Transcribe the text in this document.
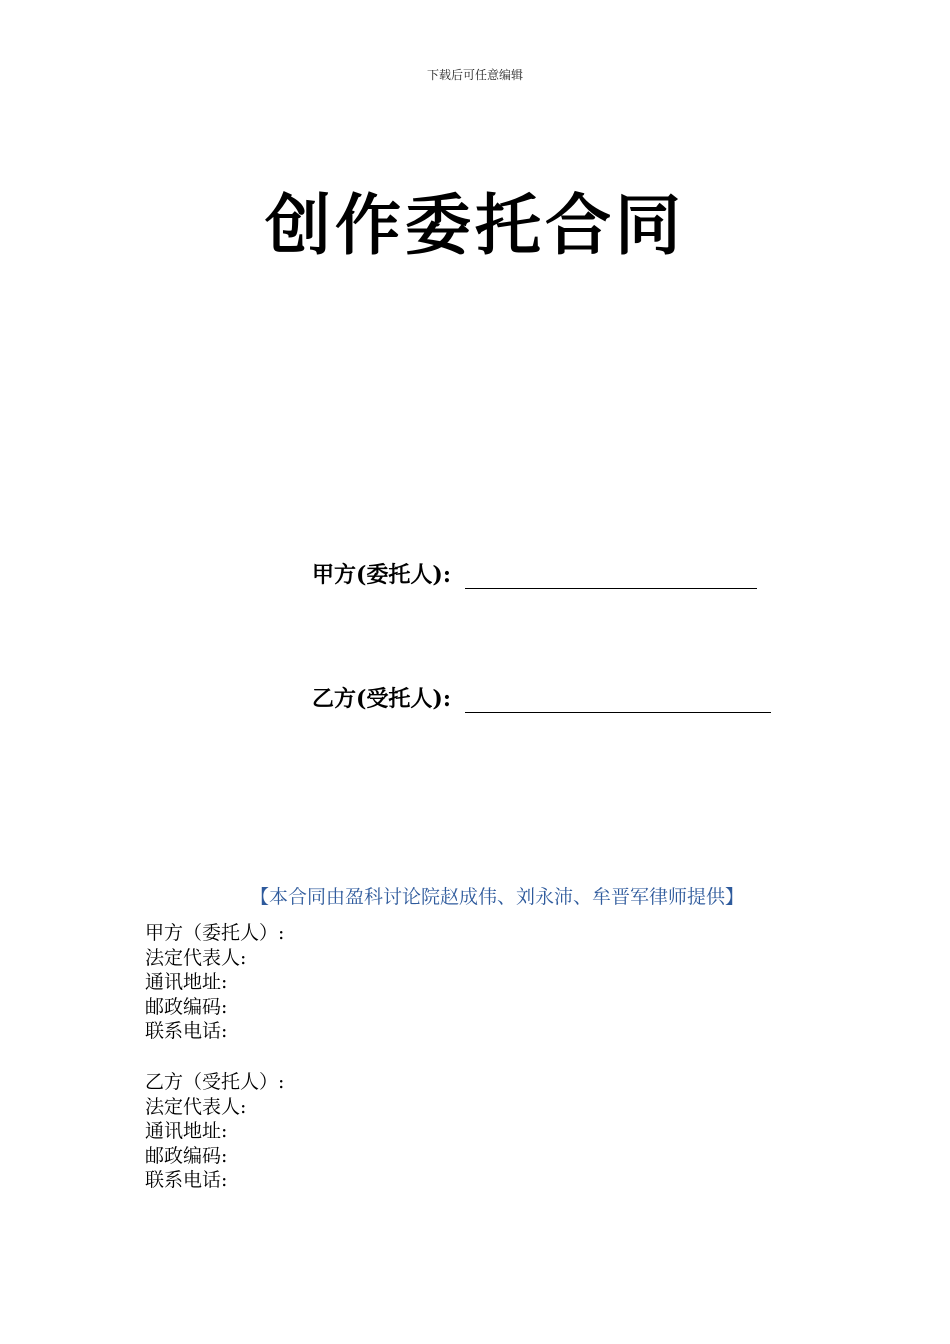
下载后可任意编辑
创作委托合同
甲方(委托人):
乙方(受托人):
【本合同由盈科讨论院赵成伟、刘永沛、牟晋军律师提供】
甲方（委托人）:
法定代表人:
通讯地址:
邮政编码:
联系电话:
乙方（受托人）:
法定代表人:
通讯地址:
邮政编码:
联系电话:
